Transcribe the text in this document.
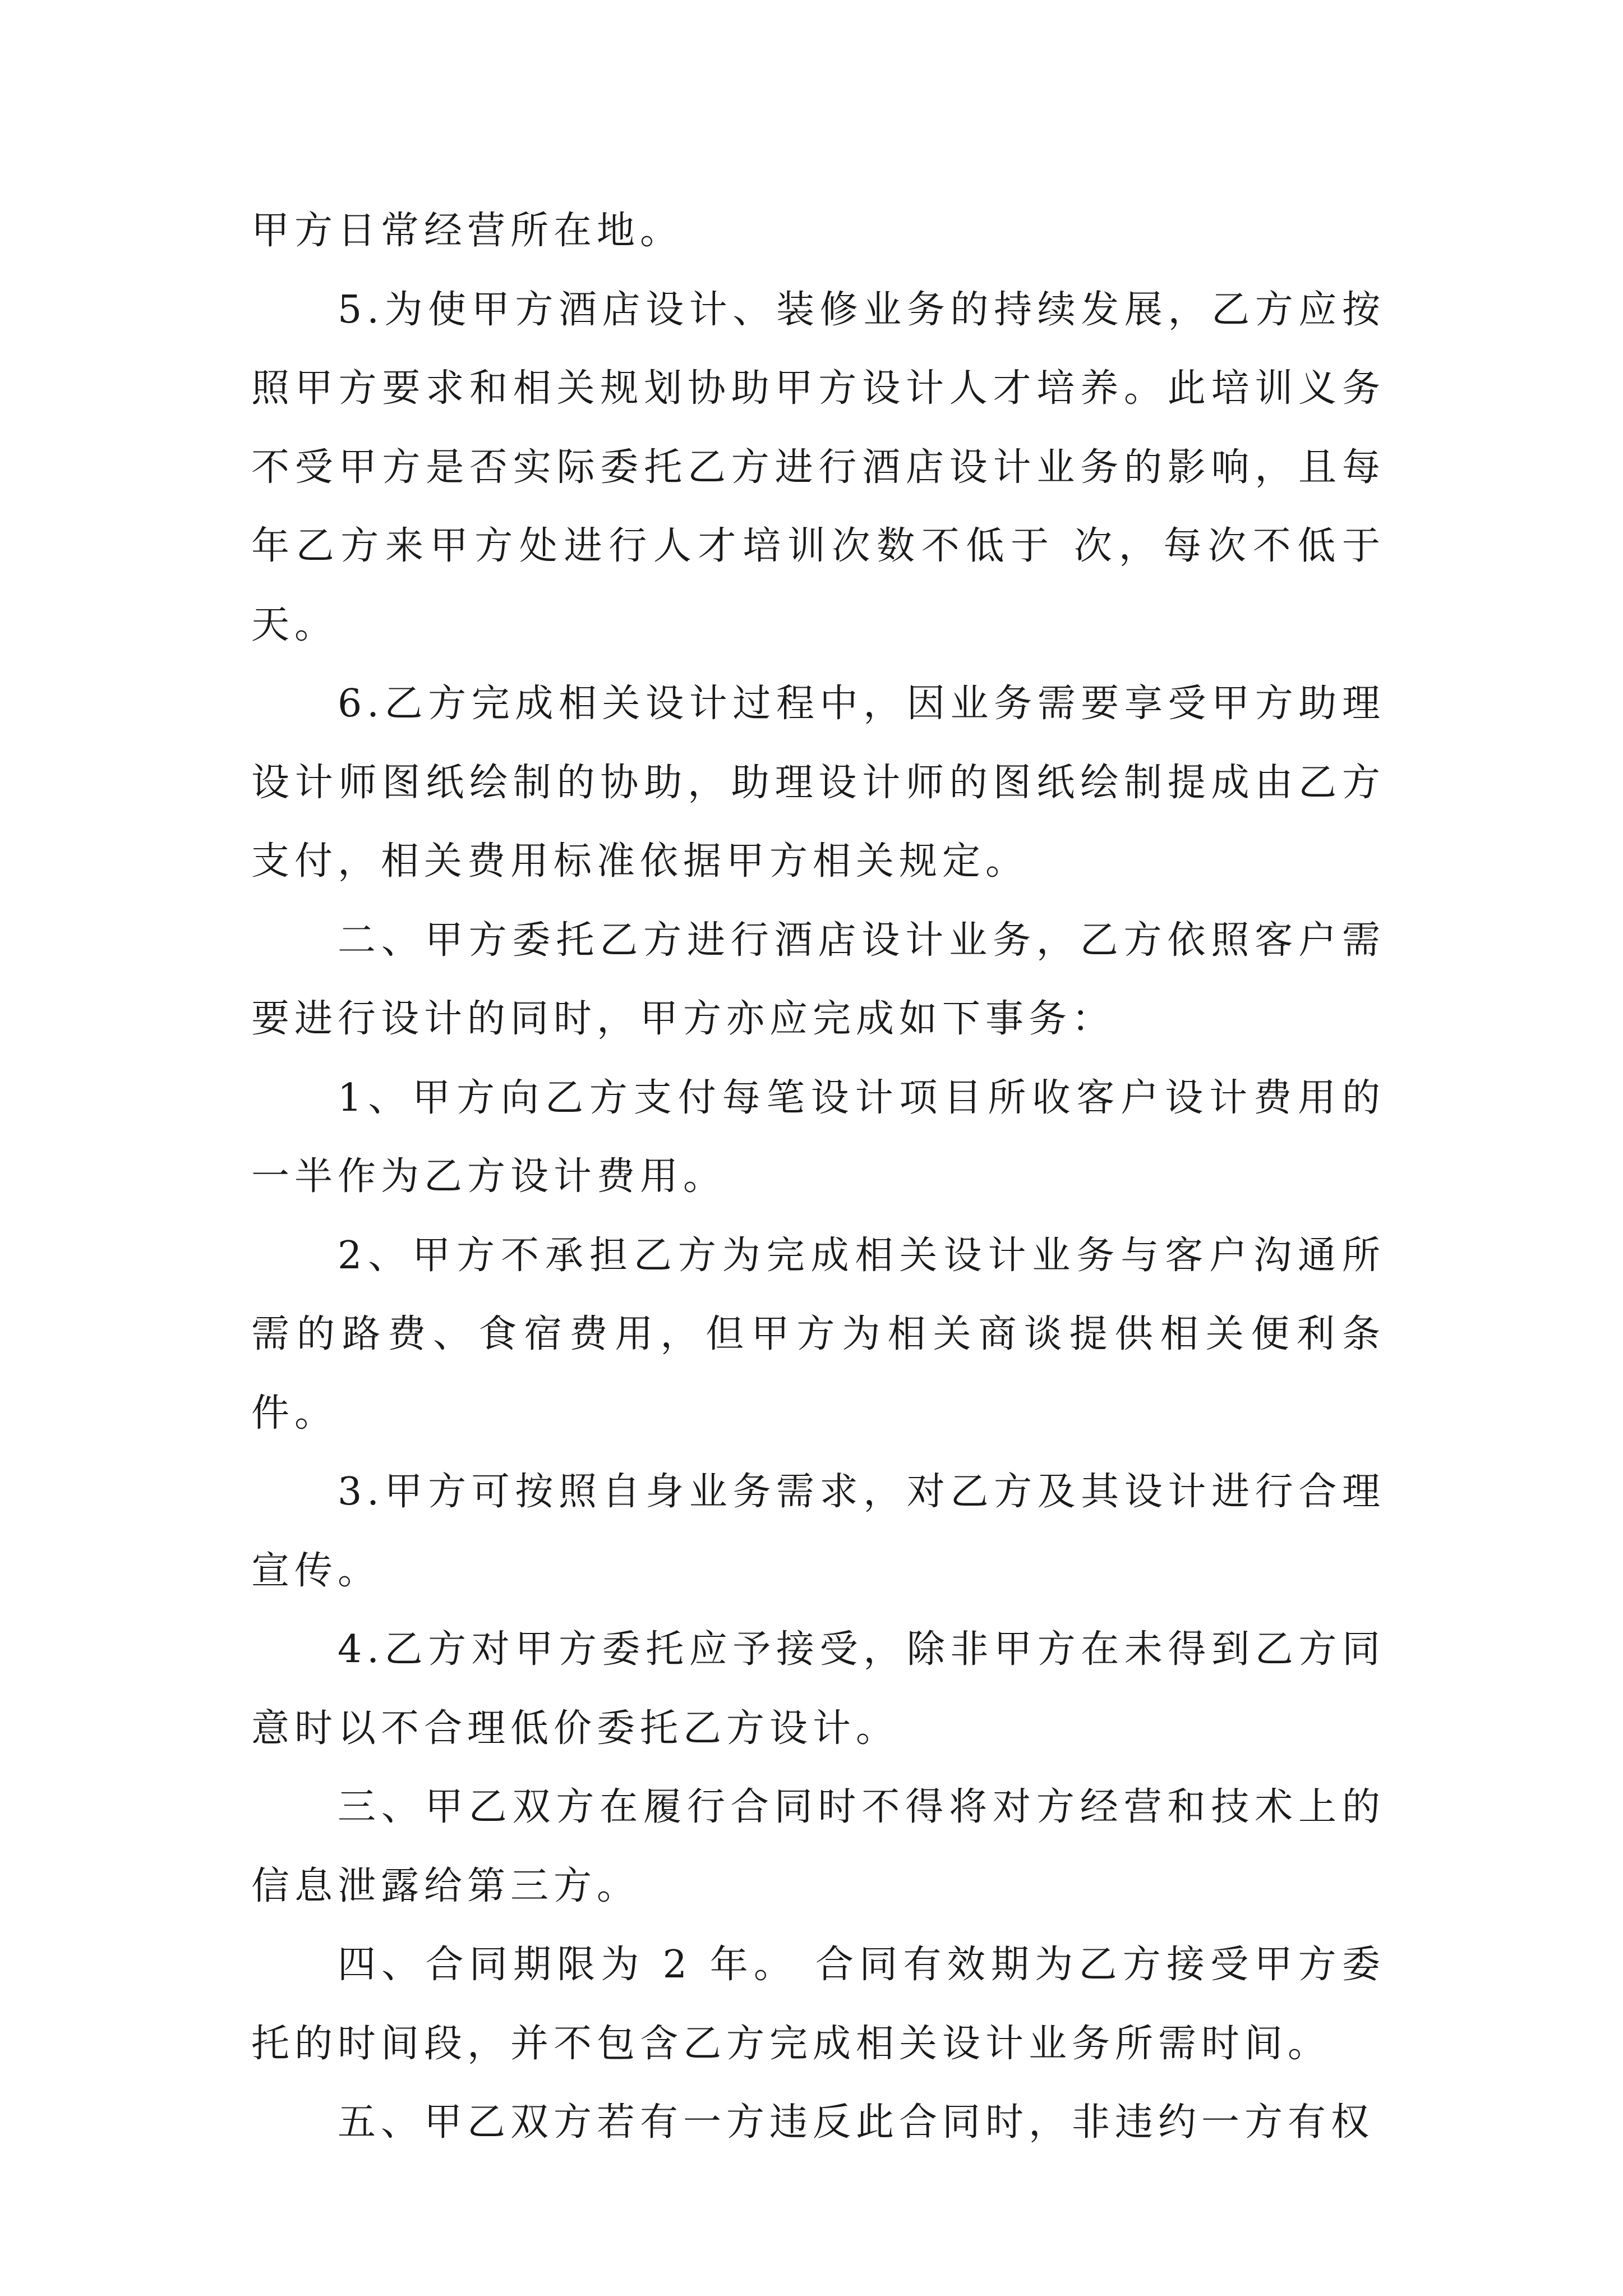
甲方日常经营所在地。

5.为使甲方酒店设计、装修业务的持续发展，乙方应按照甲方要求和相关规划协助甲方设计人才培养。此培训义务不受甲方是否实际委托乙方进行酒店设计业务的影响，且每年乙方来甲方处进行人才培训次数不低于 次，每次不低于 天。

6.乙方完成相关设计过程中，因业务需要享受甲方助理设计师图纸绘制的协助，助理设计师的图纸绘制提成由乙方支付，相关费用标准依据甲方相关规定。

二、甲方委托乙方进行酒店设计业务，乙方依照客户需要进行设计的同时，甲方亦应完成如下事务：

1、甲方向乙方支付每笔设计项目所收客户设计费用的一半作为乙方设计费用。

2、甲方不承担乙方为完成相关设计业务与客户沟通所需的路费、食宿费用，但甲方为相关商谈提供相关便利条件。

3.甲方可按照自身业务需求，对乙方及其设计进行合理宣传。

4.乙方对甲方委托应予接受，除非甲方在未得到乙方同意时以不合理低价委托乙方设计。

三、甲乙双方在履行合同时不得将对方经营和技术上的信息泄露给第三方。

四、合同期限为 2 年。 合同有效期为乙方接受甲方委托的时间段，并不包含乙方完成相关设计业务所需时间。

五、甲乙双方若有一方违反此合同时，非违约一方有权
